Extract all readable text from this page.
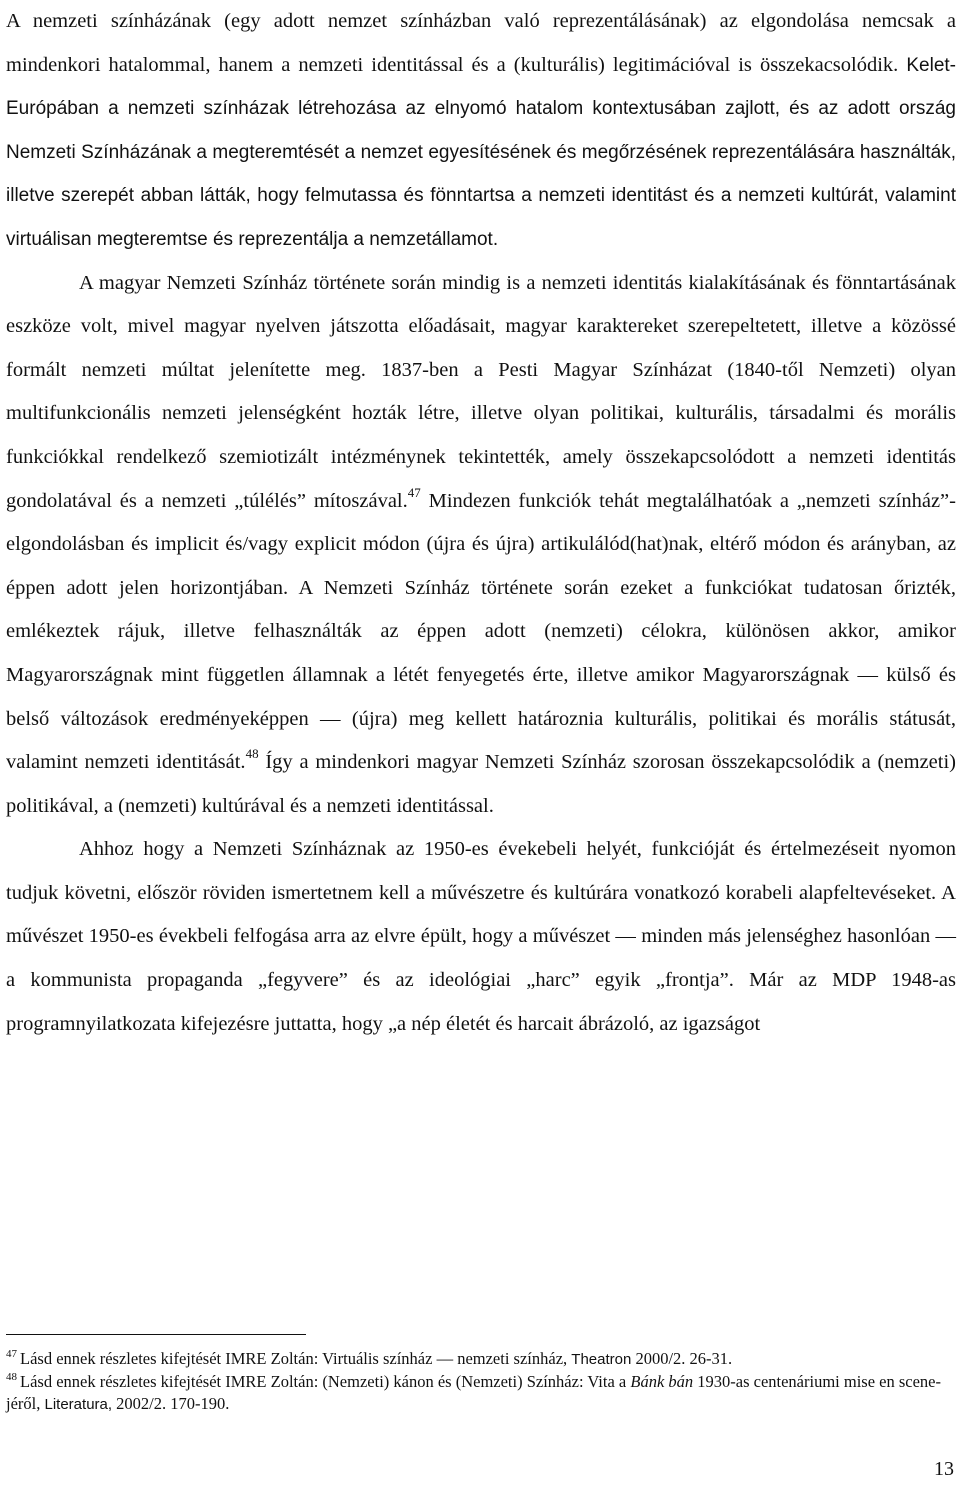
A nemzeti színházának (egy adott nemzet színházban való reprezentálásának) az elgondolása nemcsak a mindenkori hatalommal, hanem a nemzeti identitással és a (kulturális) legitimációval is összekacsolódik. Kelet-Európában a nemzeti színházak létrehozása az elnyomó hatalom kontextusában zajlott, és az adott ország Nemzeti Színházának a megteremtését a nemzet egyesítésének és megőrzésének reprezentálására használták, illetve szerepét abban látták, hogy felmutassa és fönntartsa a nemzeti identitást és a nemzeti kultúrát, valamint virtuálisan megteremtse és reprezentálja a nemzetállamot.

A magyar Nemzeti Színház története során mindig is a nemzeti identitás kialakításának és fönntartásának eszköze volt, mivel magyar nyelven játszotta előadásait, magyar karaktereket szerepeltetett, illetve a közössé formált nemzeti múltat jelenítette meg. 1837-ben a Pesti Magyar Színházat (1840-től Nemzeti) olyan multifunkcionális nemzeti jelenségként hozták létre, illetve olyan politikai, kulturális, társadalmi és morális funkciókkal rendelkező szemiotizált intézménynek tekintették, amely összekapcsolódott a nemzeti identitás gondolatával és a nemzeti „túlélés” mítoszával.$^{47}$ Mindezen funkciók tehát megtalálhatóak a „nemzeti színház”-elgondolásban és implicit és/vagy explicit módon (újra és újra) artikulálód(hat)nak, eltérő módon és arányban, az éppen adott jelen horizontjában. A Nemzeti Színház története során ezeket a funkciókat tudatosan őrizték, emlékeztek rájuk, illetve felhasználták az éppen adott (nemzeti) célokra, különösen akkor, amikor Magyarországnak mint független államnak a létét fenyegetés érte, illetve amikor Magyarországnak — külső és belső változások eredményeképpen — (újra) meg kellett határoznia kulturális, politikai és morális státusát, valamint nemzeti identitását.$^{48}$ Így a mindenkori magyar Nemzeti Színház szorosan összekapcsolódik a (nemzeti) politikával, a (nemzeti) kultúrával és a nemzeti identitással.

Ahhoz hogy a Nemzeti Színháznak az 1950-es évekebeli helyét, funkcióját és értelmezéseit nyomon tudjuk követni, először röviden ismertetnem kell a művészetre és kultúrára vonatkozó korabeli alapfeltevéseket. A művészet 1950-es évekbeli felfogása arra az elvre épült, hogy a művészet — minden más jelenséghez hasonlóan — a kommunista propaganda „fegyvere” és az ideológiai „harc” egyik „frontja”. Már az MDP 1948-as programnyilatkozata kifejezésre juttatta, hogy „a nép életét és harcait ábrázoló, az igazságot

$^{47}$ Lásd ennek részletes kifejtését IMRE Zoltán: Virtuális színház — nemzeti színház, Theatron 2000/2. 26-31.

$^{48}$ Lásd ennek részletes kifejtését IMRE Zoltán: (Nemzeti) kánon és (Nemzeti) Színház: Vita a Bánk bán 1930-as centenáriumi mise en scene-jéről, Literatura, 2002/2. 170-190.

13
